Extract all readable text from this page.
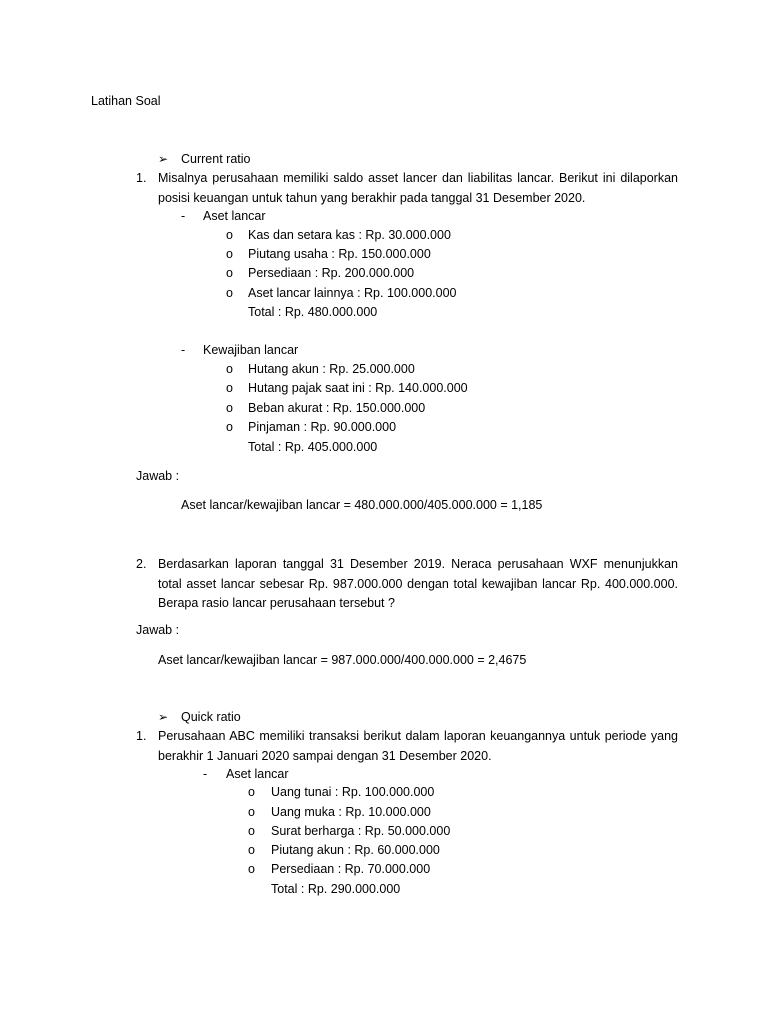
Latihan Soal
➢ Current ratio
1. Misalnya perusahaan memiliki saldo asset lancer dan liabilitas lancar. Berikut ini dilaporkan posisi keuangan untuk tahun yang berakhir pada tanggal 31 Desember 2020.
- Aset lancar
o Kas dan setara kas : Rp. 30.000.000
o Piutang usaha : Rp. 150.000.000
o Persediaan : Rp. 200.000.000
o Aset lancar lainnya : Rp. 100.000.000
Total : Rp. 480.000.000
- Kewajiban lancar
o Hutang akun : Rp. 25.000.000
o Hutang pajak saat ini : Rp. 140.000.000
o Beban akurat : Rp. 150.000.000
o Pinjaman : Rp. 90.000.000
Total : Rp. 405.000.000
Jawab :
Aset lancar/kewajiban lancar = 480.000.000/405.000.000 = 1,185
2. Berdasarkan laporan tanggal 31 Desember 2019. Neraca perusahaan WXF menunjukkan total asset lancar sebesar Rp. 987.000.000 dengan total kewajiban lancar Rp. 400.000.000. Berapa rasio lancar perusahaan tersebut ?
Jawab :
Aset lancar/kewajiban lancar = 987.000.000/400.000.000 = 2,4675
➢ Quick ratio
1. Perusahaan ABC memiliki transaksi berikut dalam laporan keuangannya untuk periode yang berakhir 1 Januari 2020 sampai dengan 31 Desember 2020.
- Aset lancar
o Uang tunai : Rp. 100.000.000
o Uang muka : Rp. 10.000.000
o Surat berharga : Rp. 50.000.000
o Piutang akun : Rp. 60.000.000
o Persediaan : Rp. 70.000.000
Total : Rp. 290.000.000
